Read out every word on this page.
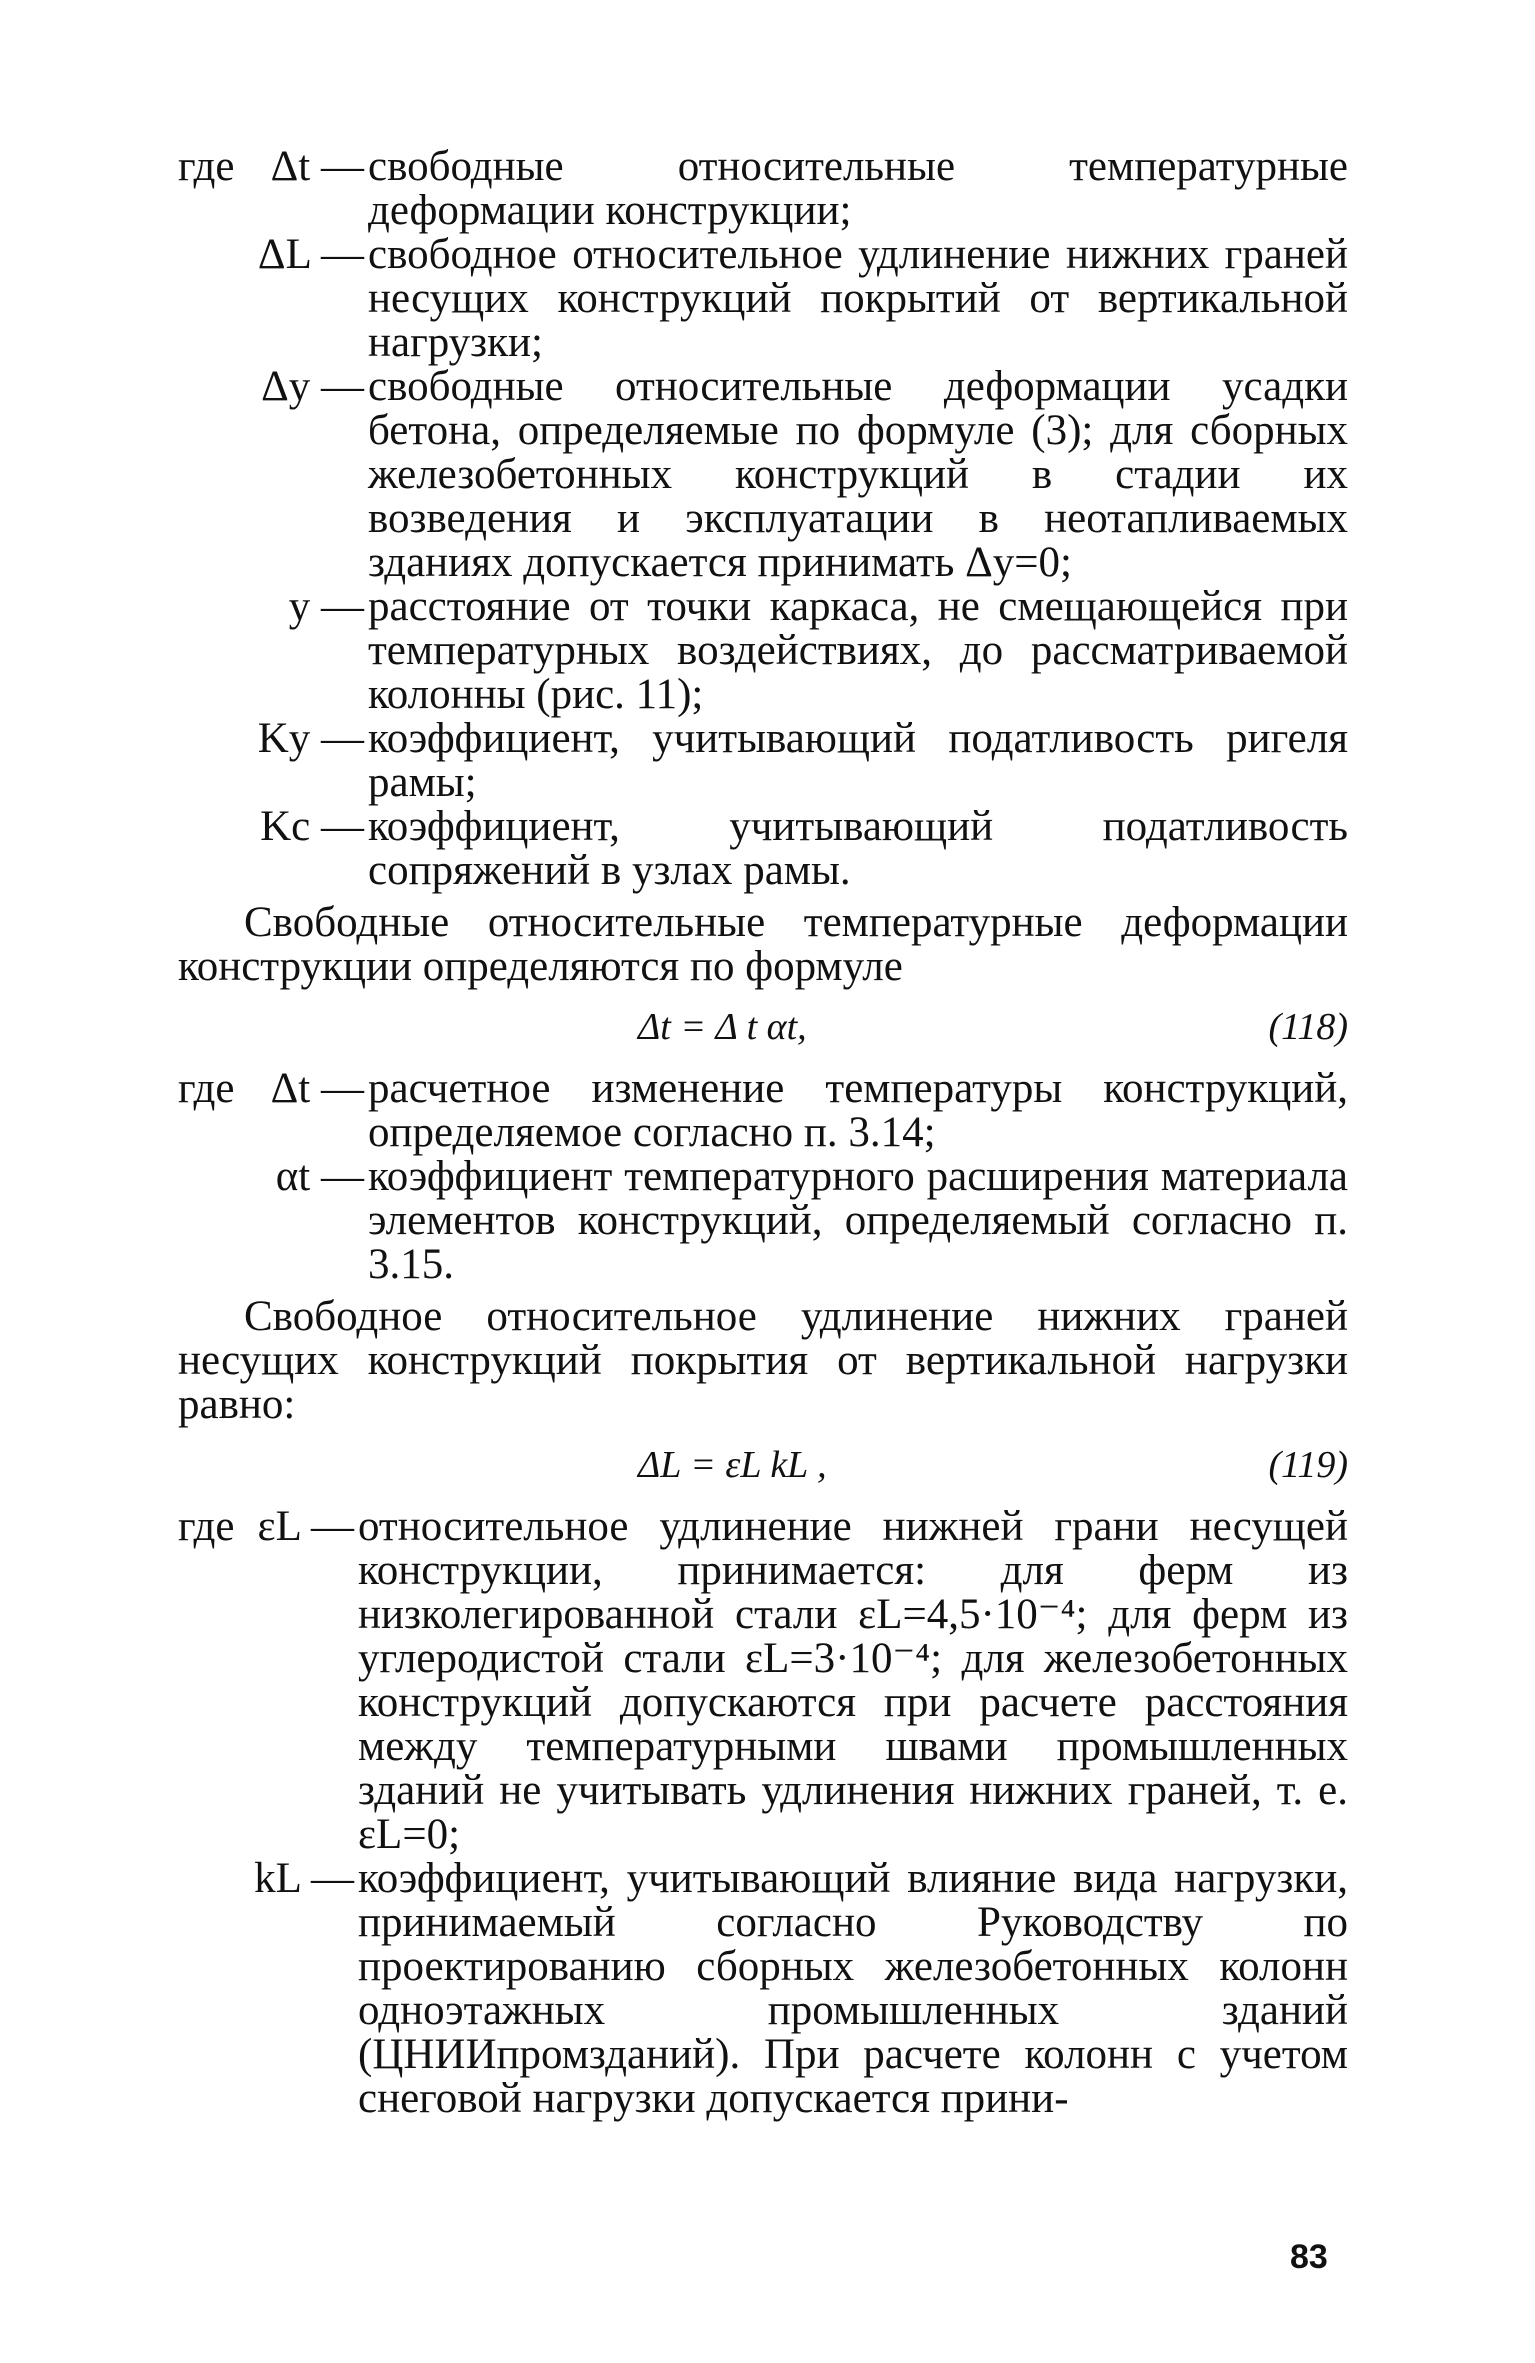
где Δt — свободные относительные температурные деформации конструкции;

ΔL — свободное относительное удлинение нижних граней несущих конструкций покрытий от вертикальной нагрузки;

Δу — свободные относительные деформации усадки бетона, определяемые по формуле (3); для сборных железобетонных конструкций в стадии их возведения и эксплуатации в неотапливаемых зданиях допускается принимать Δу=0;

y — расстояние от точки каркаса, не смещающейся при температурных воздействиях, до рассматриваемой колонны (рис. 11);

Kу — коэффициент, учитывающий податливость ригеля рамы;

Kс — коэффициент, учитывающий податливость сопряжений в узлах рамы.

Свободные относительные температурные деформации конструкции определяются по формуле

Δt = Δ t αt,	(118)

где Δt — расчетное изменение температуры конструкций, определяемое согласно п. 3.14;

αt — коэффициент температурного расширения материала элементов конструкций, определяемый согласно п. 3.15.

Свободное относительное удлинение нижних граней несущих конструкций покрытия от вертикальной нагрузки равно:

ΔL = εL kL ,	(119)

где εL — относительное удлинение нижней грани несущей конструкции, принимается: для ферм из низколегированной стали εL=4,5·10⁻⁴; для ферм из углеродистой стали εL=3·10⁻⁴; для железобетонных конструкций допускаются при расчете расстояния между температурными швами промышленных зданий не учитывать удлинения нижних граней, т. е. εL=0;

kL — коэффициент, учитывающий влияние вида нагрузки, принимаемый согласно Руководству по проектированию сборных железобетонных колонн одноэтажных промышленных зданий (ЦНИИпромзданий). При расчете колонн с учетом снеговой нагрузки допускается прини-

83
